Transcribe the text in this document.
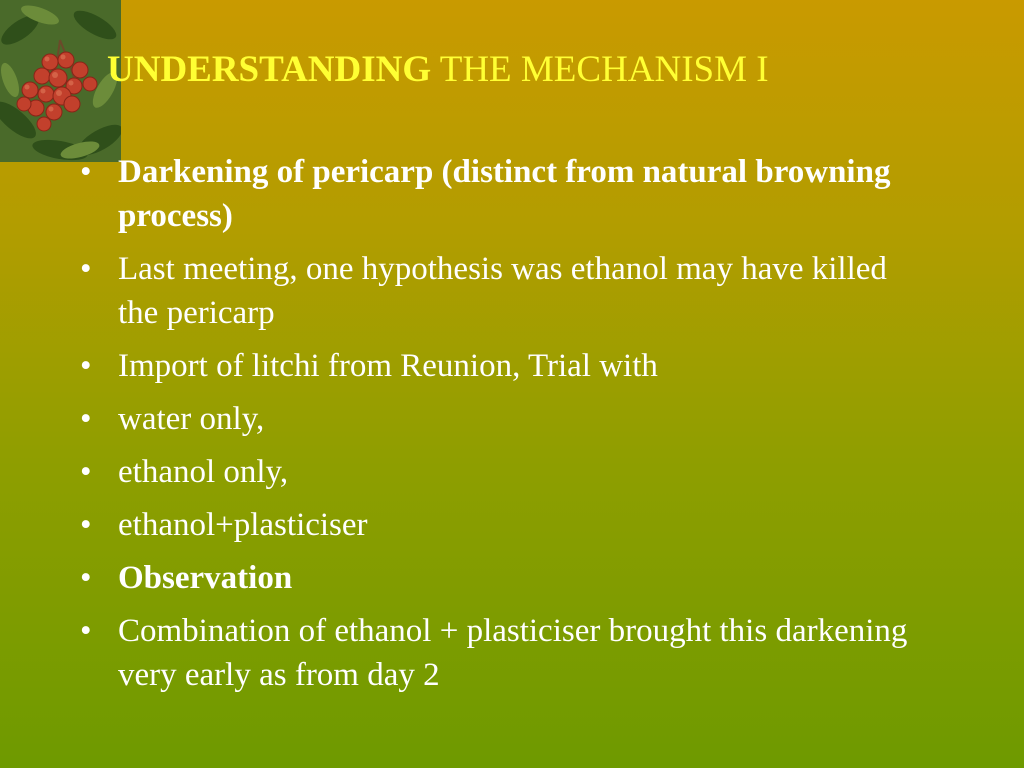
UNDERSTANDING THE MECHANISM I
• Darkening of pericarp (distinct from natural browning process)
• Last meeting, one hypothesis was ethanol may have killed the pericarp
• Import of litchi from Reunion, Trial with
• water only,
• ethanol only,
• ethanol+plasticiser
• Observation
• Combination of ethanol + plasticiser brought this darkening very early as from day 2
